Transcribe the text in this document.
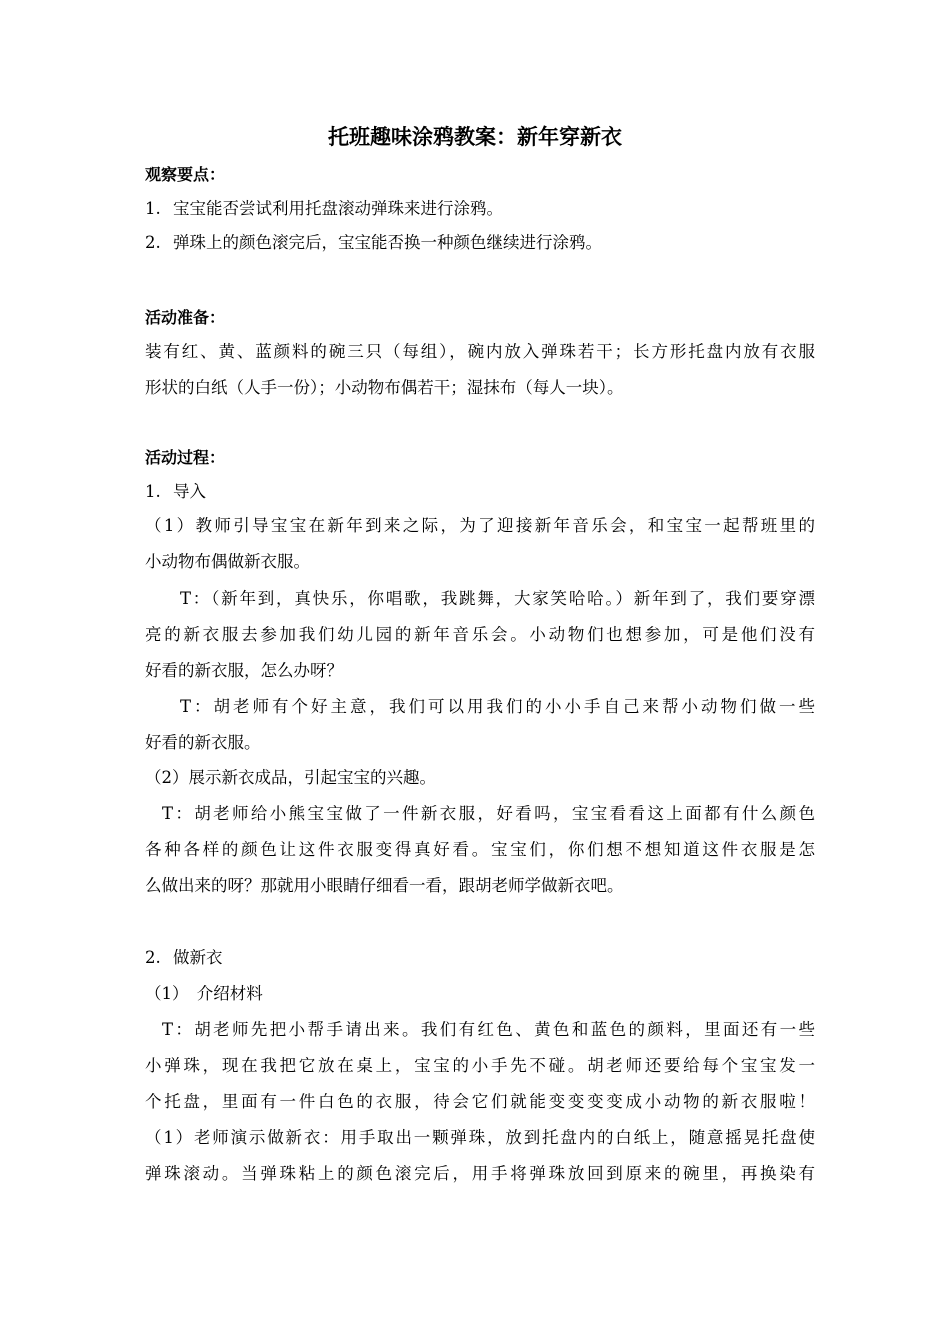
托班趣味涂鸦教案：新年穿新衣
观察要点：
1. 宝宝能否尝试利用托盘滚动弹珠来进行涂鸦。
2. 弹珠上的颜色滚完后，宝宝能否换一种颜色继续进行涂鸦。
活动准备：
装有红、黄、蓝颜料的碗三只（每组），碗内放入弹珠若干；长方形托盘内放有衣服
形状的白纸（人手一份）；小动物布偶若干；湿抹布（每人一块）。
活动过程：
1. 导入
（1）教师引导宝宝在新年到来之际，为了迎接新年音乐会，和宝宝一起帮班里的
小动物布偶做新衣服。
T：（新年到，真快乐，你唱歌，我跳舞，大家笑哈哈。）新年到了，我们要穿漂
亮的新衣服去参加我们幼儿园的新年音乐会。小动物们也想参加，可是他们没有
好看的新衣服，怎么办呀？
T：胡老师有个好主意，我们可以用我们的小小手自己来帮小动物们做一些
好看的新衣服。
（2）展示新衣成品，引起宝宝的兴趣。
T：胡老师给小熊宝宝做了一件新衣服，好看吗，宝宝看看这上面都有什么颜色
各种各样的颜色让这件衣服变得真好看。宝宝们，你们想不想知道这件衣服是怎
么做出来的呀？那就用小眼睛仔细看一看，跟胡老师学做新衣吧。
2. 做新衣
（1）　介绍材料
T：胡老师先把小帮手请出来。我们有红色、黄色和蓝色的颜料，里面还有一些
小弹珠，现在我把它放在桌上，宝宝的小手先不碰。胡老师还要给每个宝宝发一
个托盘，里面有一件白色的衣服，待会它们就能变变变变成小动物的新衣服啦！
（1）老师演示做新衣：用手取出一颗弹珠，放到托盘内的白纸上，随意摇晃托盘使
弹珠滚动。当弹珠粘上的颜色滚完后，用手将弹珠放回到原来的碗里，再换染有
